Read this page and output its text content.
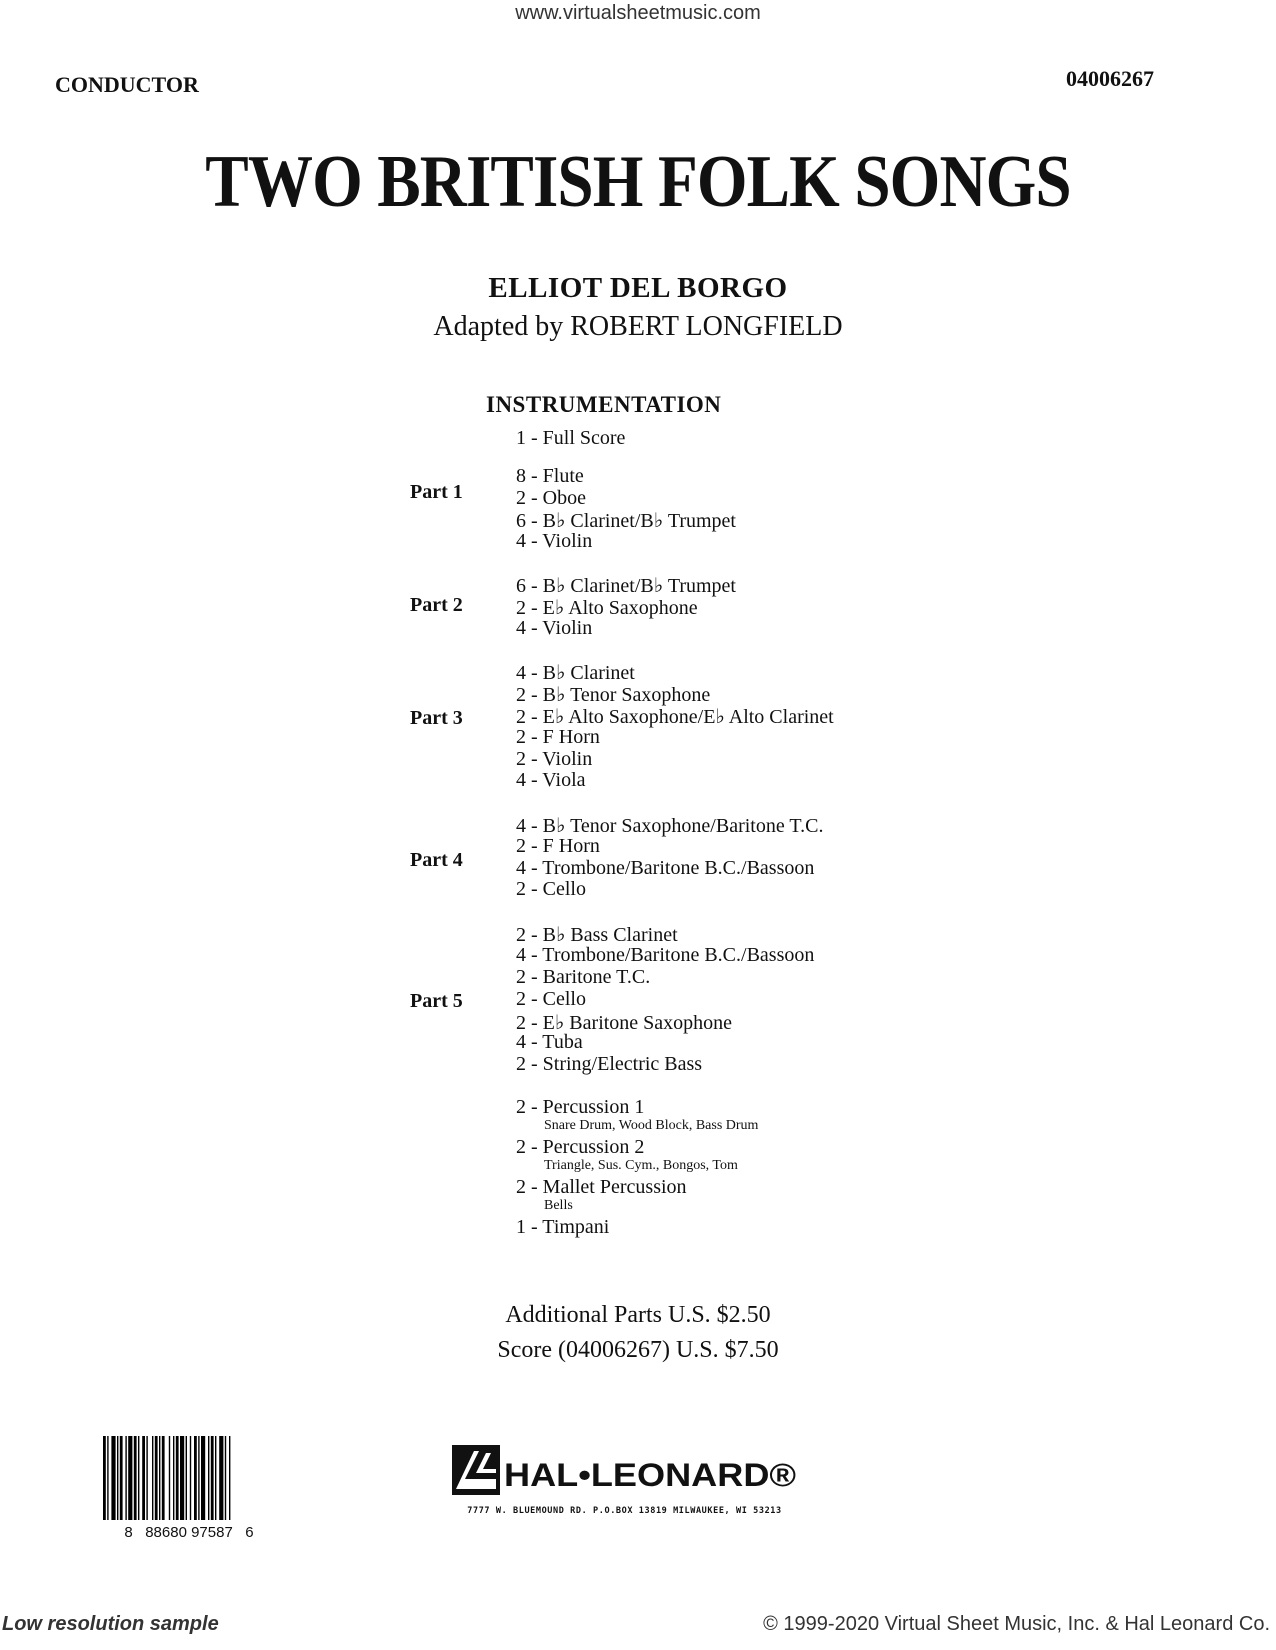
www.virtualsheetmusic.com
CONDUCTOR	04006267
TWO BRITISH FOLK SONGS
ELLIOT DEL BORGO
Adapted by ROBERT LONGFIELD
INSTRUMENTATION
1 - Full Score
Part 1
8 - Flute
2 - Oboe
6 - B♭ Clarinet/B♭ Trumpet
4 - Violin
Part 2
6 - B♭ Clarinet/B♭ Trumpet
2 - E♭ Alto Saxophone
4 - Violin
Part 3
4 - B♭ Clarinet
2 - B♭ Tenor Saxophone
2 - E♭ Alto Saxophone/E♭ Alto Clarinet
2 - F Horn
2 - Violin
4 - Viola
Part 4
4 - B♭ Tenor Saxophone/Baritone T.C.
2 - F Horn
4 - Trombone/Baritone B.C./Bassoon
2 - Cello
Part 5
2 - B♭ Bass Clarinet
4 - Trombone/Baritone B.C./Bassoon
2 - Baritone T.C.
2 - Cello
2 - E♭ Baritone Saxophone
4 - Tuba
2 - String/Electric Bass
2 - Percussion 1
Snare Drum, Wood Block, Bass Drum
2 - Percussion 2
Triangle, Sus. Cym., Bongos, Tom
2 - Mallet Percussion
Bells
1 - Timpani
Additional Parts U.S. $2.50
Score (04006267) U.S. $7.50
8   88680 97587   6
HAL•LEONARD®
7777 W. BLUEMOUND RD. P.O.BOX 13819 MILWAUKEE, WI 53213
Low resolution sample	© 1999-2020 Virtual Sheet Music, Inc. & Hal Leonard Co.
